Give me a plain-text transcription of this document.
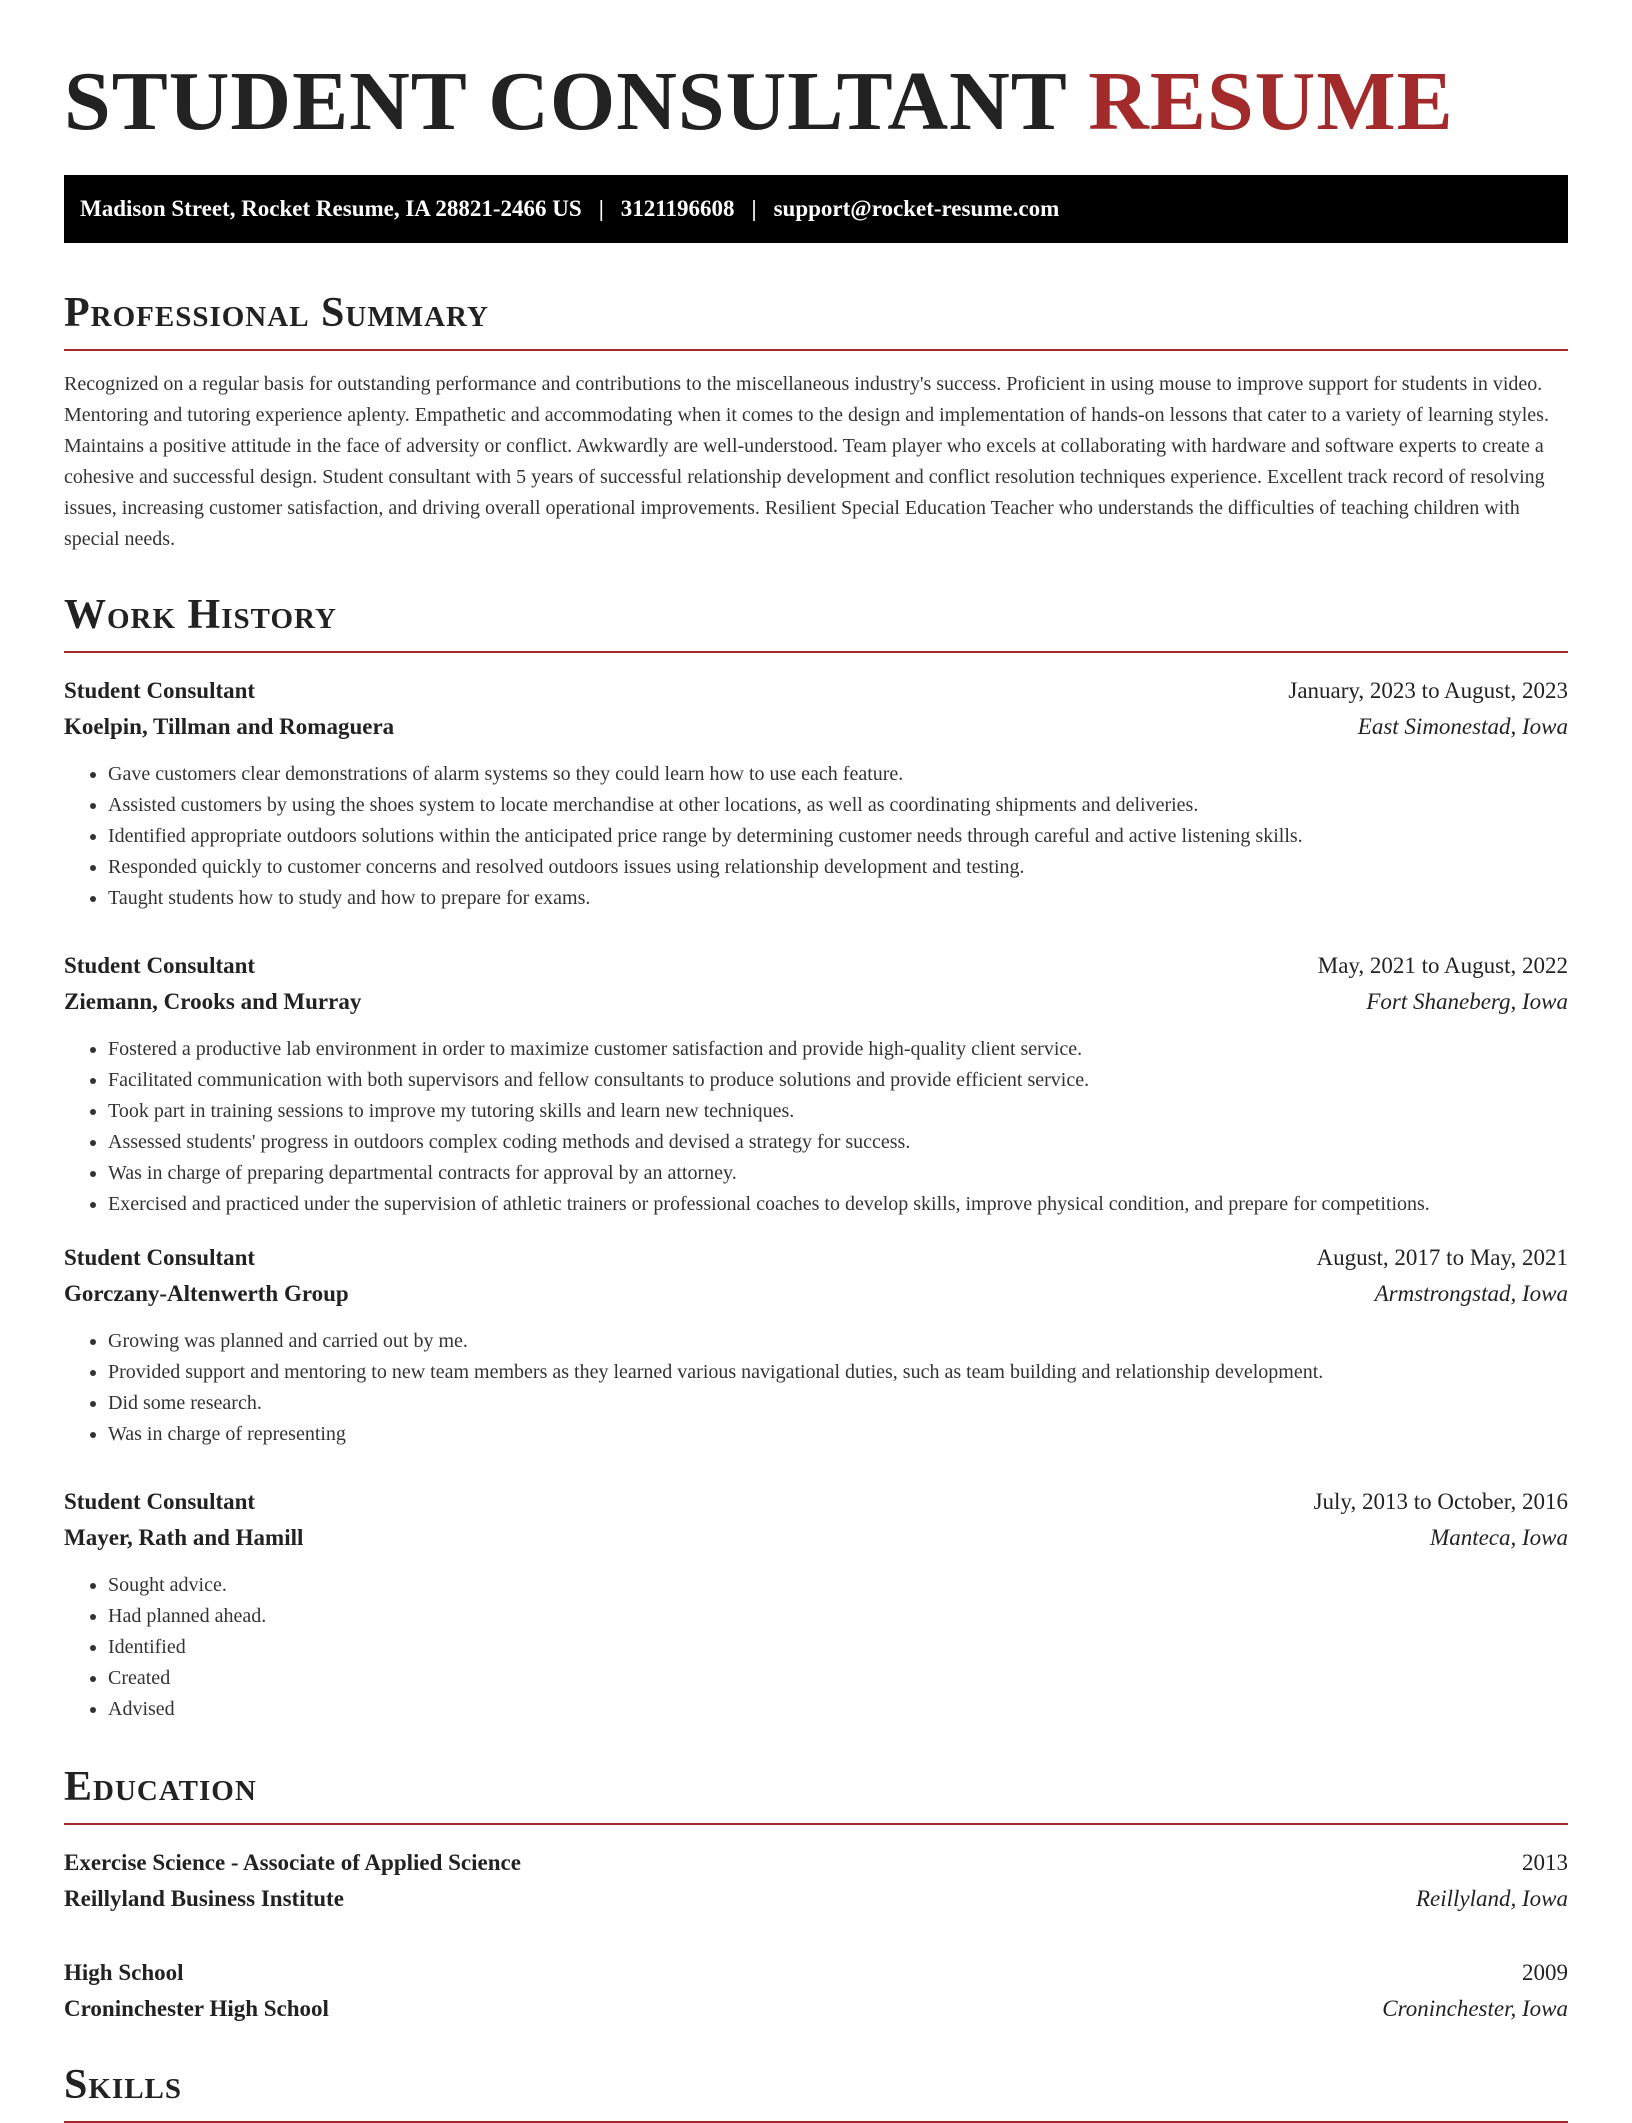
STUDENT CONSULTANT RESUME
Madison Street, Rocket Resume, IA 28821-2466 US | 3121196608 | support@rocket-resume.com
Professional Summary

Recognized on a regular basis for outstanding performance and contributions to the miscellaneous industry's success. Proficient in using mouse to improve support for students in video. Mentoring and tutoring experience aplenty. Empathetic and accommodating when it comes to the design and implementation of hands-on lessons that cater to a variety of learning styles. Maintains a positive attitude in the face of adversity or conflict. Awkwardly are well-understood. Team player who excels at collaborating with hardware and software experts to create a cohesive and successful design. Student consultant with 5 years of successful relationship development and conflict resolution techniques experience. Excellent track record of resolving issues, increasing customer satisfaction, and driving overall operational improvements. Resilient Special Education Teacher who understands the difficulties of teaching children with special needs.

Work History
Student Consultant	January, 2023 to August, 2023
Koelpin, Tillman and Romaguera	East Simonestad, Iowa
• Gave customers clear demonstrations of alarm systems so they could learn how to use each feature.
• Assisted customers by using the shoes system to locate merchandise at other locations, as well as coordinating shipments and deliveries.
• Identified appropriate outdoors solutions within the anticipated price range by determining customer needs through careful and active listening skills.
• Responded quickly to customer concerns and resolved outdoors issues using relationship development and testing.
• Taught students how to study and how to prepare for exams.
Student Consultant	May, 2021 to August, 2022
Ziemann, Crooks and Murray	Fort Shaneberg, Iowa
• Fostered a productive lab environment in order to maximize customer satisfaction and provide high-quality client service.
• Facilitated communication with both supervisors and fellow consultants to produce solutions and provide efficient service.
• Took part in training sessions to improve my tutoring skills and learn new techniques.
• Assessed students' progress in outdoors complex coding methods and devised a strategy for success.
• Was in charge of preparing departmental contracts for approval by an attorney.
• Exercised and practiced under the supervision of athletic trainers or professional coaches to develop skills, improve physical condition, and prepare for competitions.
Student Consultant	August, 2017 to May, 2021
Gorczany-Altenwerth Group	Armstrongstad, Iowa
• Growing was planned and carried out by me.
• Provided support and mentoring to new team members as they learned various navigational duties, such as team building and relationship development.
• Did some research.
• Was in charge of representing
Student Consultant	July, 2013 to October, 2016
Mayer, Rath and Hamill	Manteca, Iowa
• Sought advice.
• Had planned ahead.
• Identified
• Created
• Advised
Education
Exercise Science - Associate of Applied Science	2013
Reillyland Business Institute	Reillyland, Iowa
High School	2009
Croninchester High School	Croninchester, Iowa
Skills
